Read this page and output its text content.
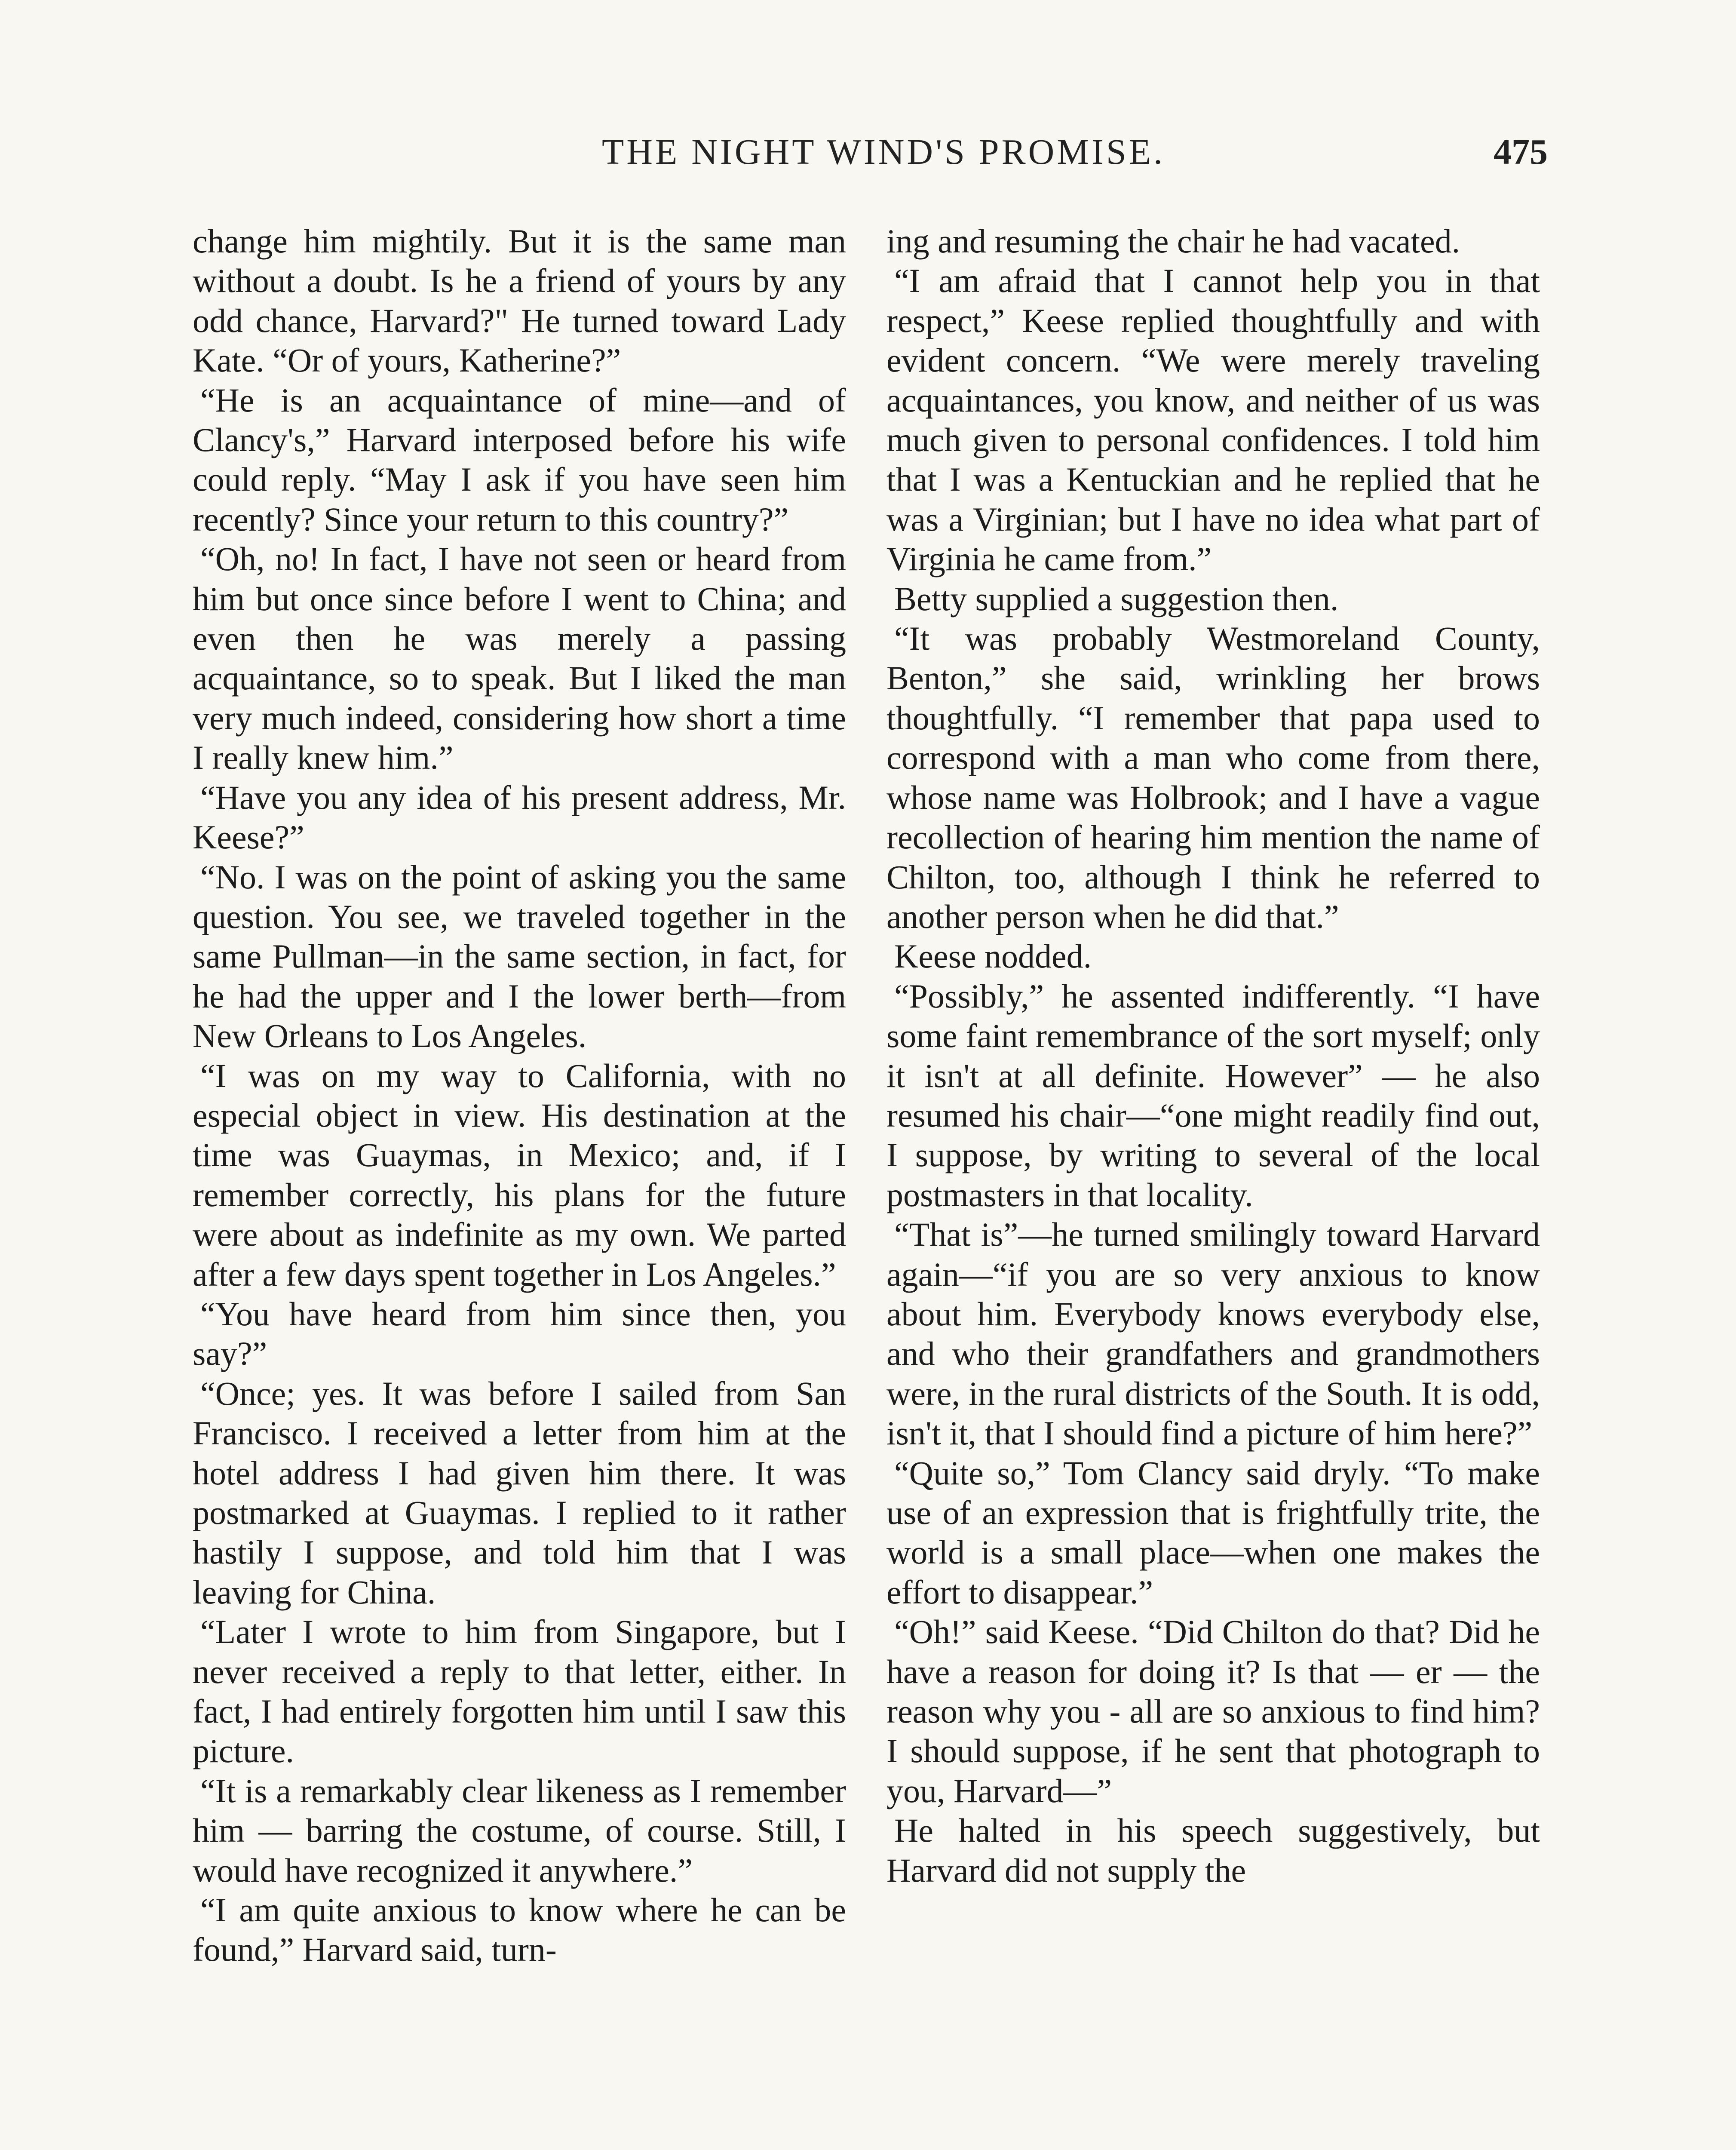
THE NIGHT WIND'S PROMISE.	475

change him mightily. But it is the same man without a doubt. Is he a friend of yours by any odd chance, Harvard?" He turned toward Lady Kate. “Or of yours, Katherine?”

“He is an acquaintance of mine—and of Clancy's,” Harvard interposed before his wife could reply. “May I ask if you have seen him recently? Since your return to this country?”

“Oh, no! In fact, I have not seen or heard from him but once since before I went to China; and even then he was merely a passing acquaintance, so to speak. But I liked the man very much indeed, considering how short a time I really knew him.”

“Have you any idea of his present address, Mr. Keese?”

“No. I was on the point of asking you the same question. You see, we traveled together in the same Pullman—in the same section, in fact, for he had the upper and I the lower berth—from New Orleans to Los Angeles.

“I was on my way to California, with no especial object in view. His destination at the time was Guaymas, in Mexico; and, if I remember correctly, his plans for the future were about as indefinite as my own. We parted after a few days spent together in Los Angeles.”

“You have heard from him since then, you say?”

“Once; yes. It was before I sailed from San Francisco. I received a letter from him at the hotel address I had given him there. It was postmarked at Guaymas. I replied to it rather hastily I suppose, and told him that I was leaving for China.

“Later I wrote to him from Singapore, but I never received a reply to that letter, either. In fact, I had entirely forgotten him until I saw this picture.

“It is a remarkably clear likeness as I remember him — barring the costume, of course. Still, I would have recognized it anywhere.”

“I am quite anxious to know where he can be found,” Harvard said, turn-

ing and resuming the chair he had vacated.

“I am afraid that I cannot help you in that respect,” Keese replied thoughtfully and with evident concern. “We were merely traveling acquaintances, you know, and neither of us was much given to personal confidences. I told him that I was a Kentuckian and he replied that he was a Virginian; but I have no idea what part of Virginia he came from.”

Betty supplied a suggestion then.

“It was probably Westmoreland County, Benton,” she said, wrinkling her brows thoughtfully. “I remember that papa used to correspond with a man who come from there, whose name was Holbrook; and I have a vague recollection of hearing him mention the name of Chilton, too, although I think he referred to another person when he did that.”

Keese nodded.

“Possibly,” he assented indifferently. “I have some faint remembrance of the sort myself; only it isn't at all definite. However” — he also resumed his chair—“one might readily find out, I suppose, by writing to several of the local postmasters in that locality.

“That is”—he turned smilingly toward Harvard again—“if you are so very anxious to know about him. Everybody knows everybody else, and who their grandfathers and grandmothers were, in the rural districts of the South. It is odd, isn't it, that I should find a picture of him here?”

“Quite so,” Tom Clancy said dryly. “To make use of an expression that is frightfully trite, the world is a small place—when one makes the effort to disappear.”

“Oh!” said Keese. “Did Chilton do that? Did he have a reason for doing it? Is that — er — the reason why you - all are so anxious to find him? I should suppose, if he sent that photograph to you, Harvard—”

He halted in his speech suggestively, but Harvard did not supply the
